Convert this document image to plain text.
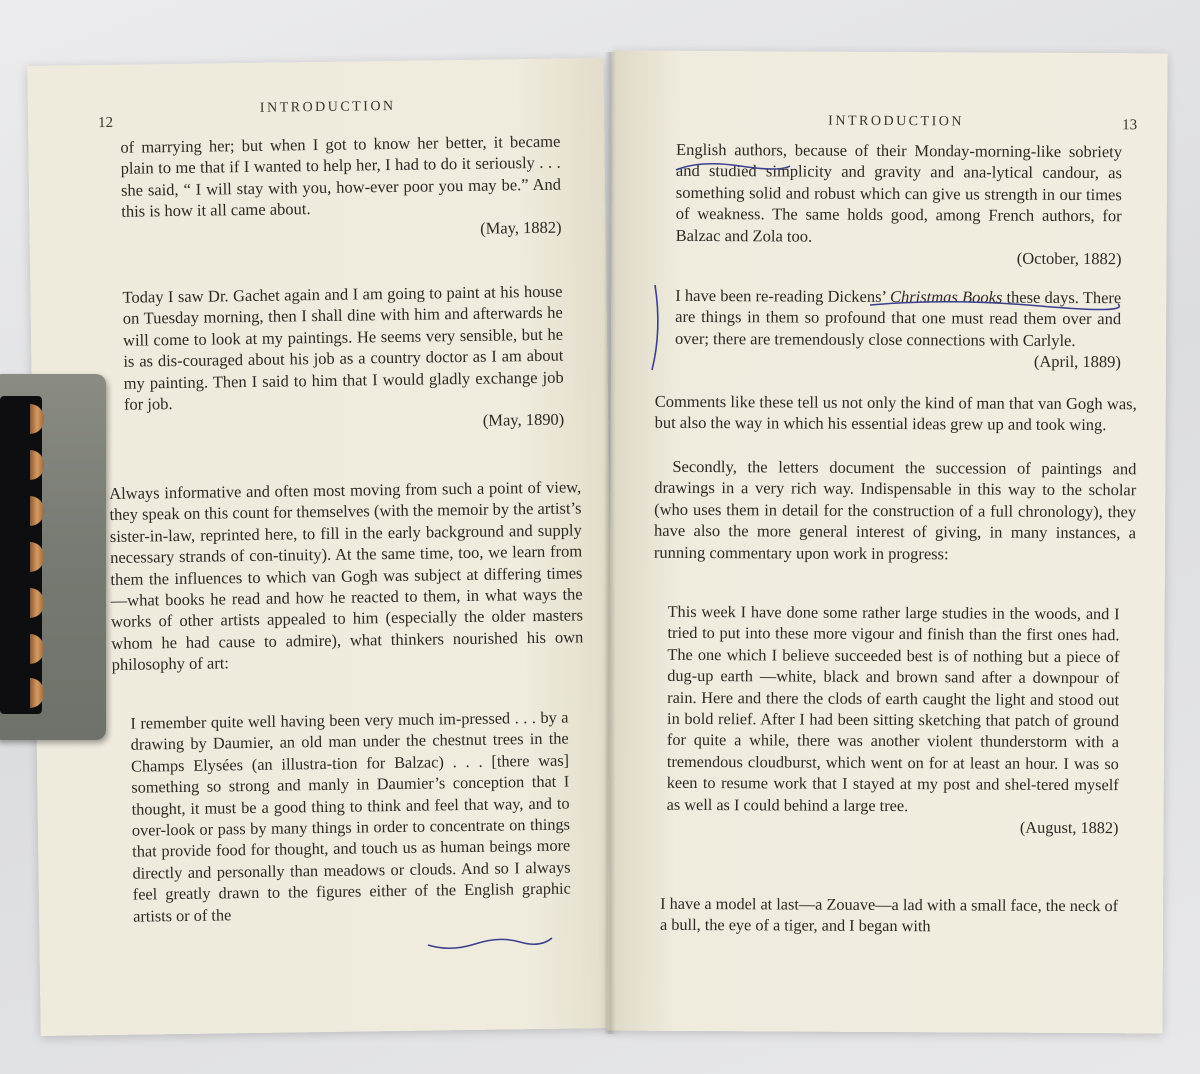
12
INTRODUCTION

of marrying her; but when I got to know her better, it became plain to me that if I wanted to help her, I had to do it seriously . . . she said, “ I will stay with you, how-ever poor you may be.” And this is how it all came about.

(May, 1882)

Today I saw Dr. Gachet again and I am going to paint at his house on Tuesday morning, then I shall dine with him and afterwards he will come to look at my paintings. He seems very sensible, but he is as dis-couraged about his job as a country doctor as I am about my painting. Then I said to him that I would gladly exchange job for job.

(May, 1890)

Always informative and often most moving from such a point of view, they speak on this count for themselves (with the memoir by the artist’s sister-in-law, reprinted here, to fill in the early background and supply necessary strands of con-tinuity). At the same time, too, we learn from them the influences to which van Gogh was subject at differing times—what books he read and how he reacted to them, in what ways the works of other artists appealed to him (especially the older masters whom he had cause to admire), what thinkers nourished his own philosophy of art:
I remember quite well having been very much im-pressed . . . by a drawing by Daumier, an old man under the chestnut trees in the Champs Elysées (an illustra-tion for Balzac) . . . [there was] something so strong and manly in Daumier’s conception that I thought, it must be a good thing to think and feel that way, and to over-look or pass by many things in order to concentrate on things that provide food for thought, and touch us as human beings more directly and personally than meadows or clouds. And so I always feel greatly drawn to the figures either of the English graphic artists or of the
INTRODUCTION	13

English authors, because of their Monday-morning-like sobriety and studied simplicity and gravity and ana-lytical candour, as something solid and robust which can give us strength in our times of weakness. The same holds good, among French authors, for Balzac and Zola too.

(October, 1882)

I have been re-reading Dickens’ Christmas Books these days. There are things in them so profound that one must read them over and over; there are tremendously close connections with Carlyle.

(April, 1889)

Comments like these tell us not only the kind of man that van Gogh was, but also the way in which his essential ideas grew up and took wing.
Secondly, the letters document the succession of paintings and drawings in a very rich way. Indispensable in this way to the scholar (who uses them in detail for the construction of a full chronology), they have also the more general interest of giving, in many instances, a running commentary upon work in progress:

This week I have done some rather large studies in the woods, and I tried to put into these more vigour and finish than the first ones had. The one which I believe succeeded best is of nothing but a piece of dug-up earth —white, black and brown sand after a downpour of rain. Here and there the clods of earth caught the light and stood out in bold relief. After I had been sitting sketching that patch of ground for quite a while, there was another violent thunderstorm with a tremendous cloudburst, which went on for at least an hour. I was so keen to resume work that I stayed at my post and shel-tered myself as well as I could behind a large tree.

(August, 1882)

I have a model at last—a Zouave—a lad with a small face, the neck of a bull, the eye of a tiger, and I began with
